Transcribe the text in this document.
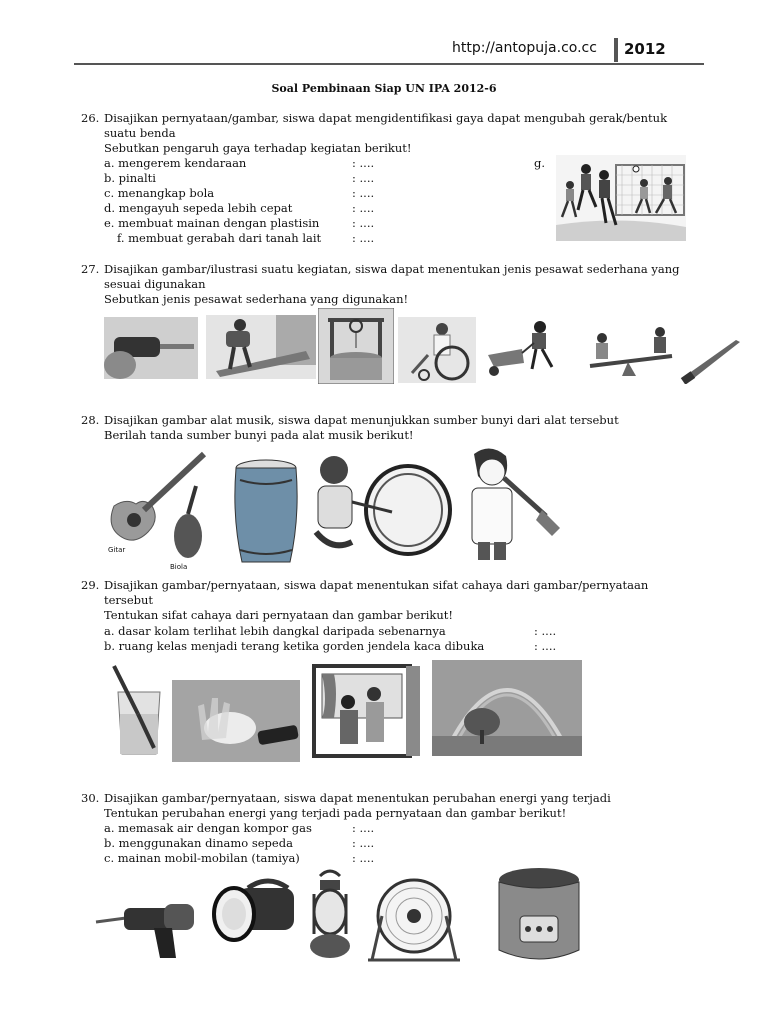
http://antopuja.co.cc 2012
Soal Pembinaan Siap UN IPA 2012-6
26. Disajikan pernyataan/gambar, siswa dapat mengidentifikasi gaya dapat mengubah gerak/bentuk
suatu benda
Sebutkan pengaruh gaya terhadap kegiatan berikut!
a. mengerem kendaraan	: ....
b. pinalti	: ....
c. menangkap bola	: ....
d. mengayuh sepeda lebih cepat	: ....
e. membuat mainan dengan plastisin	: ....
f. membuat gerabah dari tanah lait	: ....
g.
27. Disajikan gambar/ilustrasi suatu kegiatan, siswa dapat menentukan jenis pesawat sederhana yang
sesuai digunakan
Sebutkan jenis pesawat sederhana yang digunakan!
28. Disajikan gambar alat musik, siswa dapat menunjukkan sumber bunyi dari alat tersebut
Berilah tanda sumber bunyi pada alat musik berikut!
Gitar
Biola
29. Disajikan gambar/pernyataan, siswa dapat menentukan sifat cahaya dari gambar/pernyataan
tersebut
Tentukan sifat cahaya dari pernyataan dan gambar berikut!
a. dasar kolam terlihat lebih dangkal daripada sebenarnya	: ....
b. ruang kelas menjadi terang ketika gorden jendela kaca dibuka	: ....
30. Disajikan gambar/pernyataan, siswa dapat menentukan perubahan energi yang terjadi
Tentukan perubahan energi yang terjadi pada pernyataan dan gambar berikut!
a. memasak air dengan kompor gas	: ....
b. menggunakan dinamo sepeda	: ....
c. mainan mobil-mobilan (tamiya)	: ....
